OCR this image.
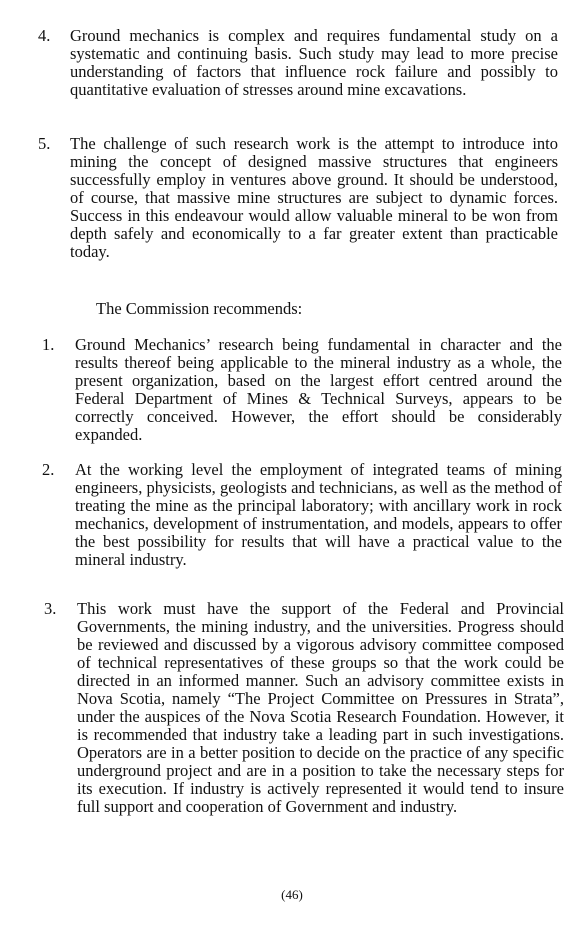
4.	Ground mechanics is complex and requires fundamental study on a systematic and continuing basis. Such study may lead to more precise understanding of factors that influence rock failure and possibly to quantitative evaluation of stresses around mine excavations.
5.	The challenge of such research work is the attempt to introduce into mining the concept of designed massive structures that engineers successfully employ in ventures above ground. It should be understood, of course, that massive mine structures are subject to dynamic forces. Success in this endeavour would allow valuable mineral to be won from depth safely and economically to a far greater extent than practicable today.
The Commission recommends:
1.	Ground Mechanics’ research being fundamental in character and the results thereof being applicable to the mineral industry as a whole, the present organization, based on the largest effort centred around the Federal Department of Mines & Technical Surveys, appears to be correctly conceived. However, the effort should be considerably expanded.
2.	At the working level the employment of integrated teams of mining engineers, physicists, geologists and technicians, as well as the method of treating the mine as the principal laboratory; with ancillary work in rock mechanics, development of instrumentation, and models, appears to offer the best possibility for results that will have a practical value to the mineral industry.
3.	This work must have the support of the Federal and Provincial Governments, the mining industry, and the universities. Progress should be reviewed and discussed by a vigorous advisory committee composed of technical representatives of these groups so that the work could be directed in an informed manner. Such an advisory committee exists in Nova Scotia, namely “The Project Committee on Pressures in Strata”, under the auspices of the Nova Scotia Research Foundation. However, it is recommended that industry take a leading part in such investigations. Operators are in a better position to decide on the practice of any specific underground project and are in a position to take the necessary steps for its execution. If industry is actively represented it would tend to insure full support and cooperation of Government and industry.
(46)
